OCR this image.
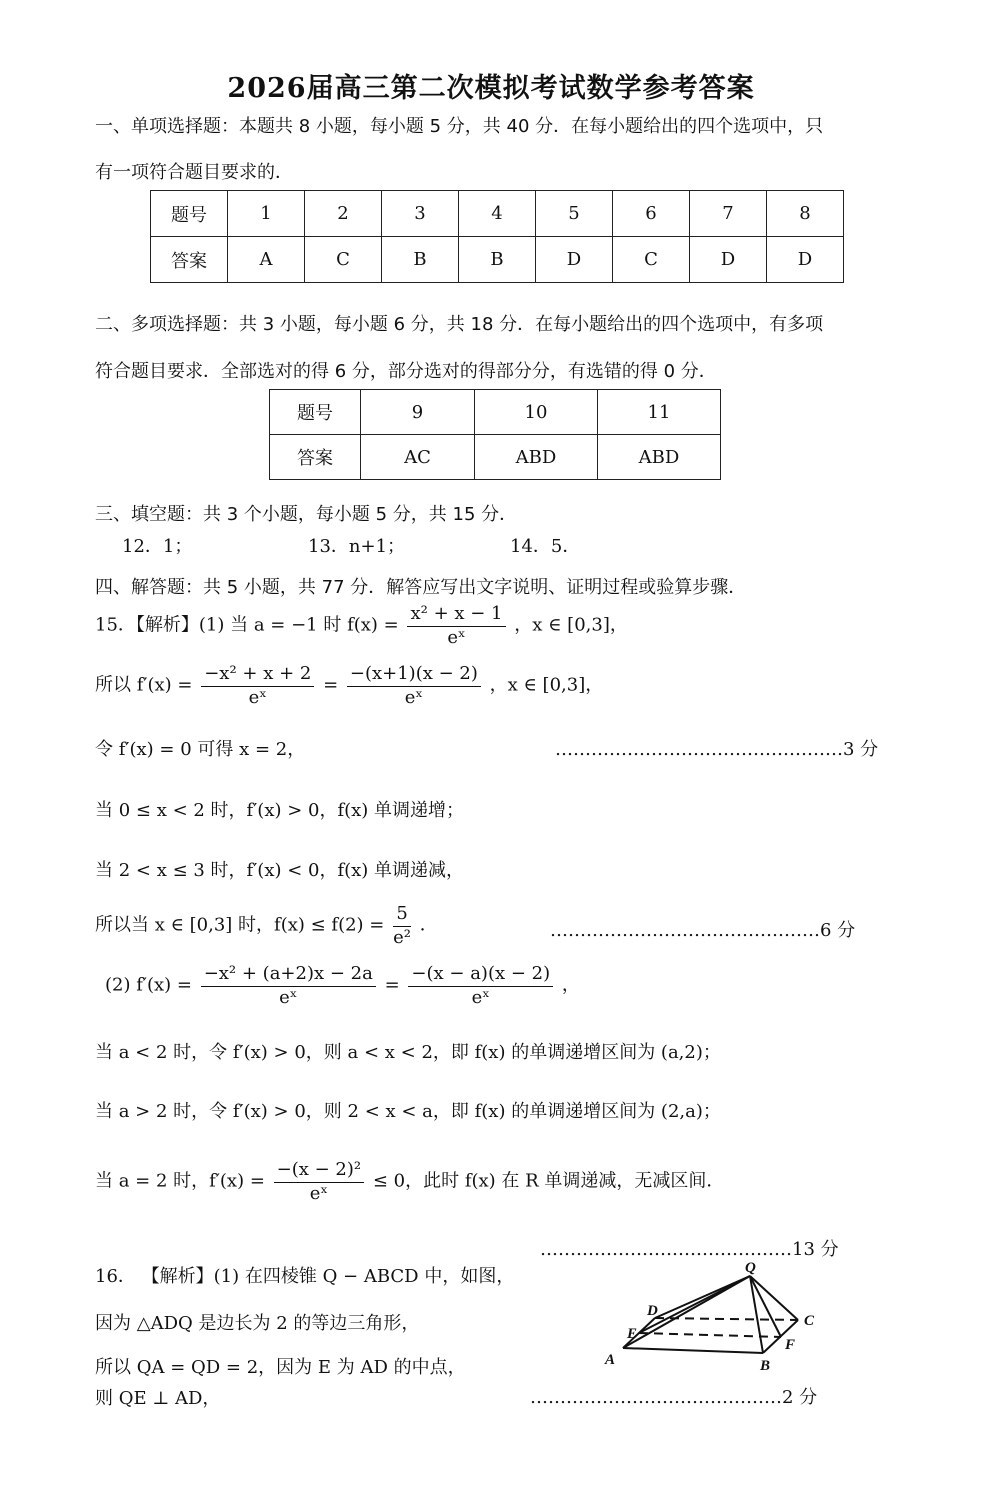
2026届高三第二次模拟考试数学参考答案
一、单项选择题：本题共 8 小题，每小题 5 分，共 40 分．在每小题给出的四个选项中，只
有一项符合题目要求的．
题号	1	2	3	4	5	6	7	8
答案	A	C	B	B	D	C	D	D
二、多项选择题：共 3 小题，每小题 6 分，共 18 分．在每小题给出的四个选项中，有多项
符合题目要求．全部选对的得 6 分，部分选对的得部分分，有选错的得 0 分．
题号	9	10	11
答案	AC	ABD	ABD
三、填空题：共 3 个小题，每小题 5 分，共 15 分．
12．1；	13．n+1；	14．5．
四、解答题：共 5 小题，共 77 分．解答应写出文字说明、证明过程或验算步骤．
15．【解析】(1) 当 a = −1 时 $f(x) = \frac{\text{x² + x − 1}}{\text{eˣ}}$ ，x ∈ [0,3]，
所以 $f'(x) = \frac{\text{−x² + x + 2}}{\text{eˣ}} = \frac{-(x+1)(x - 2)}{\text{eˣ}}$ ，x ∈ [0,3]，
令 f′(x) = 0 可得 x = 2，	…………………………………………3 分
当 0 ≤ x < 2 时，f′(x) > 0，f(x) 单调递增；
当 2 < x ≤ 3 时，f′(x) < 0，f(x) 单调递减，
所以当 x ∈ [0,3] 时，$f(x) \le f(2) = \frac{5}{\text{e²}}$ ．	………………………………………6 分
(2) $f'(x) = \frac{\text{−x² + (a+2)x − 2a}}{\text{eˣ}} = \frac{-(x - a)(x - 2)}{\text{eˣ}}$ ，
当 a < 2 时，令 f′(x) > 0，则 a < x < 2，即 f(x) 的单调递增区间为 (a,2)；
当 a > 2 时，令 f′(x) > 0，则 2 < x < a，即 f(x) 的单调递增区间为 (2,a)；
当 a = 2 时，$f'(x) = \frac{\text{−(x − 2)²}}{\text{eˣ}} \le 0$，此时 f(x) 在 R 单调递减，无减区间．
……………………………………13 分
16． 【解析】(1) 在四棱锥 Q − ABCD 中，如图，
因为 △ADQ 是边长为 2 的等边三角形，
所以 QA = QD = 2，因为 E 为 AD 的中点，
则 QE ⊥ AD，	……………………………………2 分
Q
D
C
E
F
A	B
